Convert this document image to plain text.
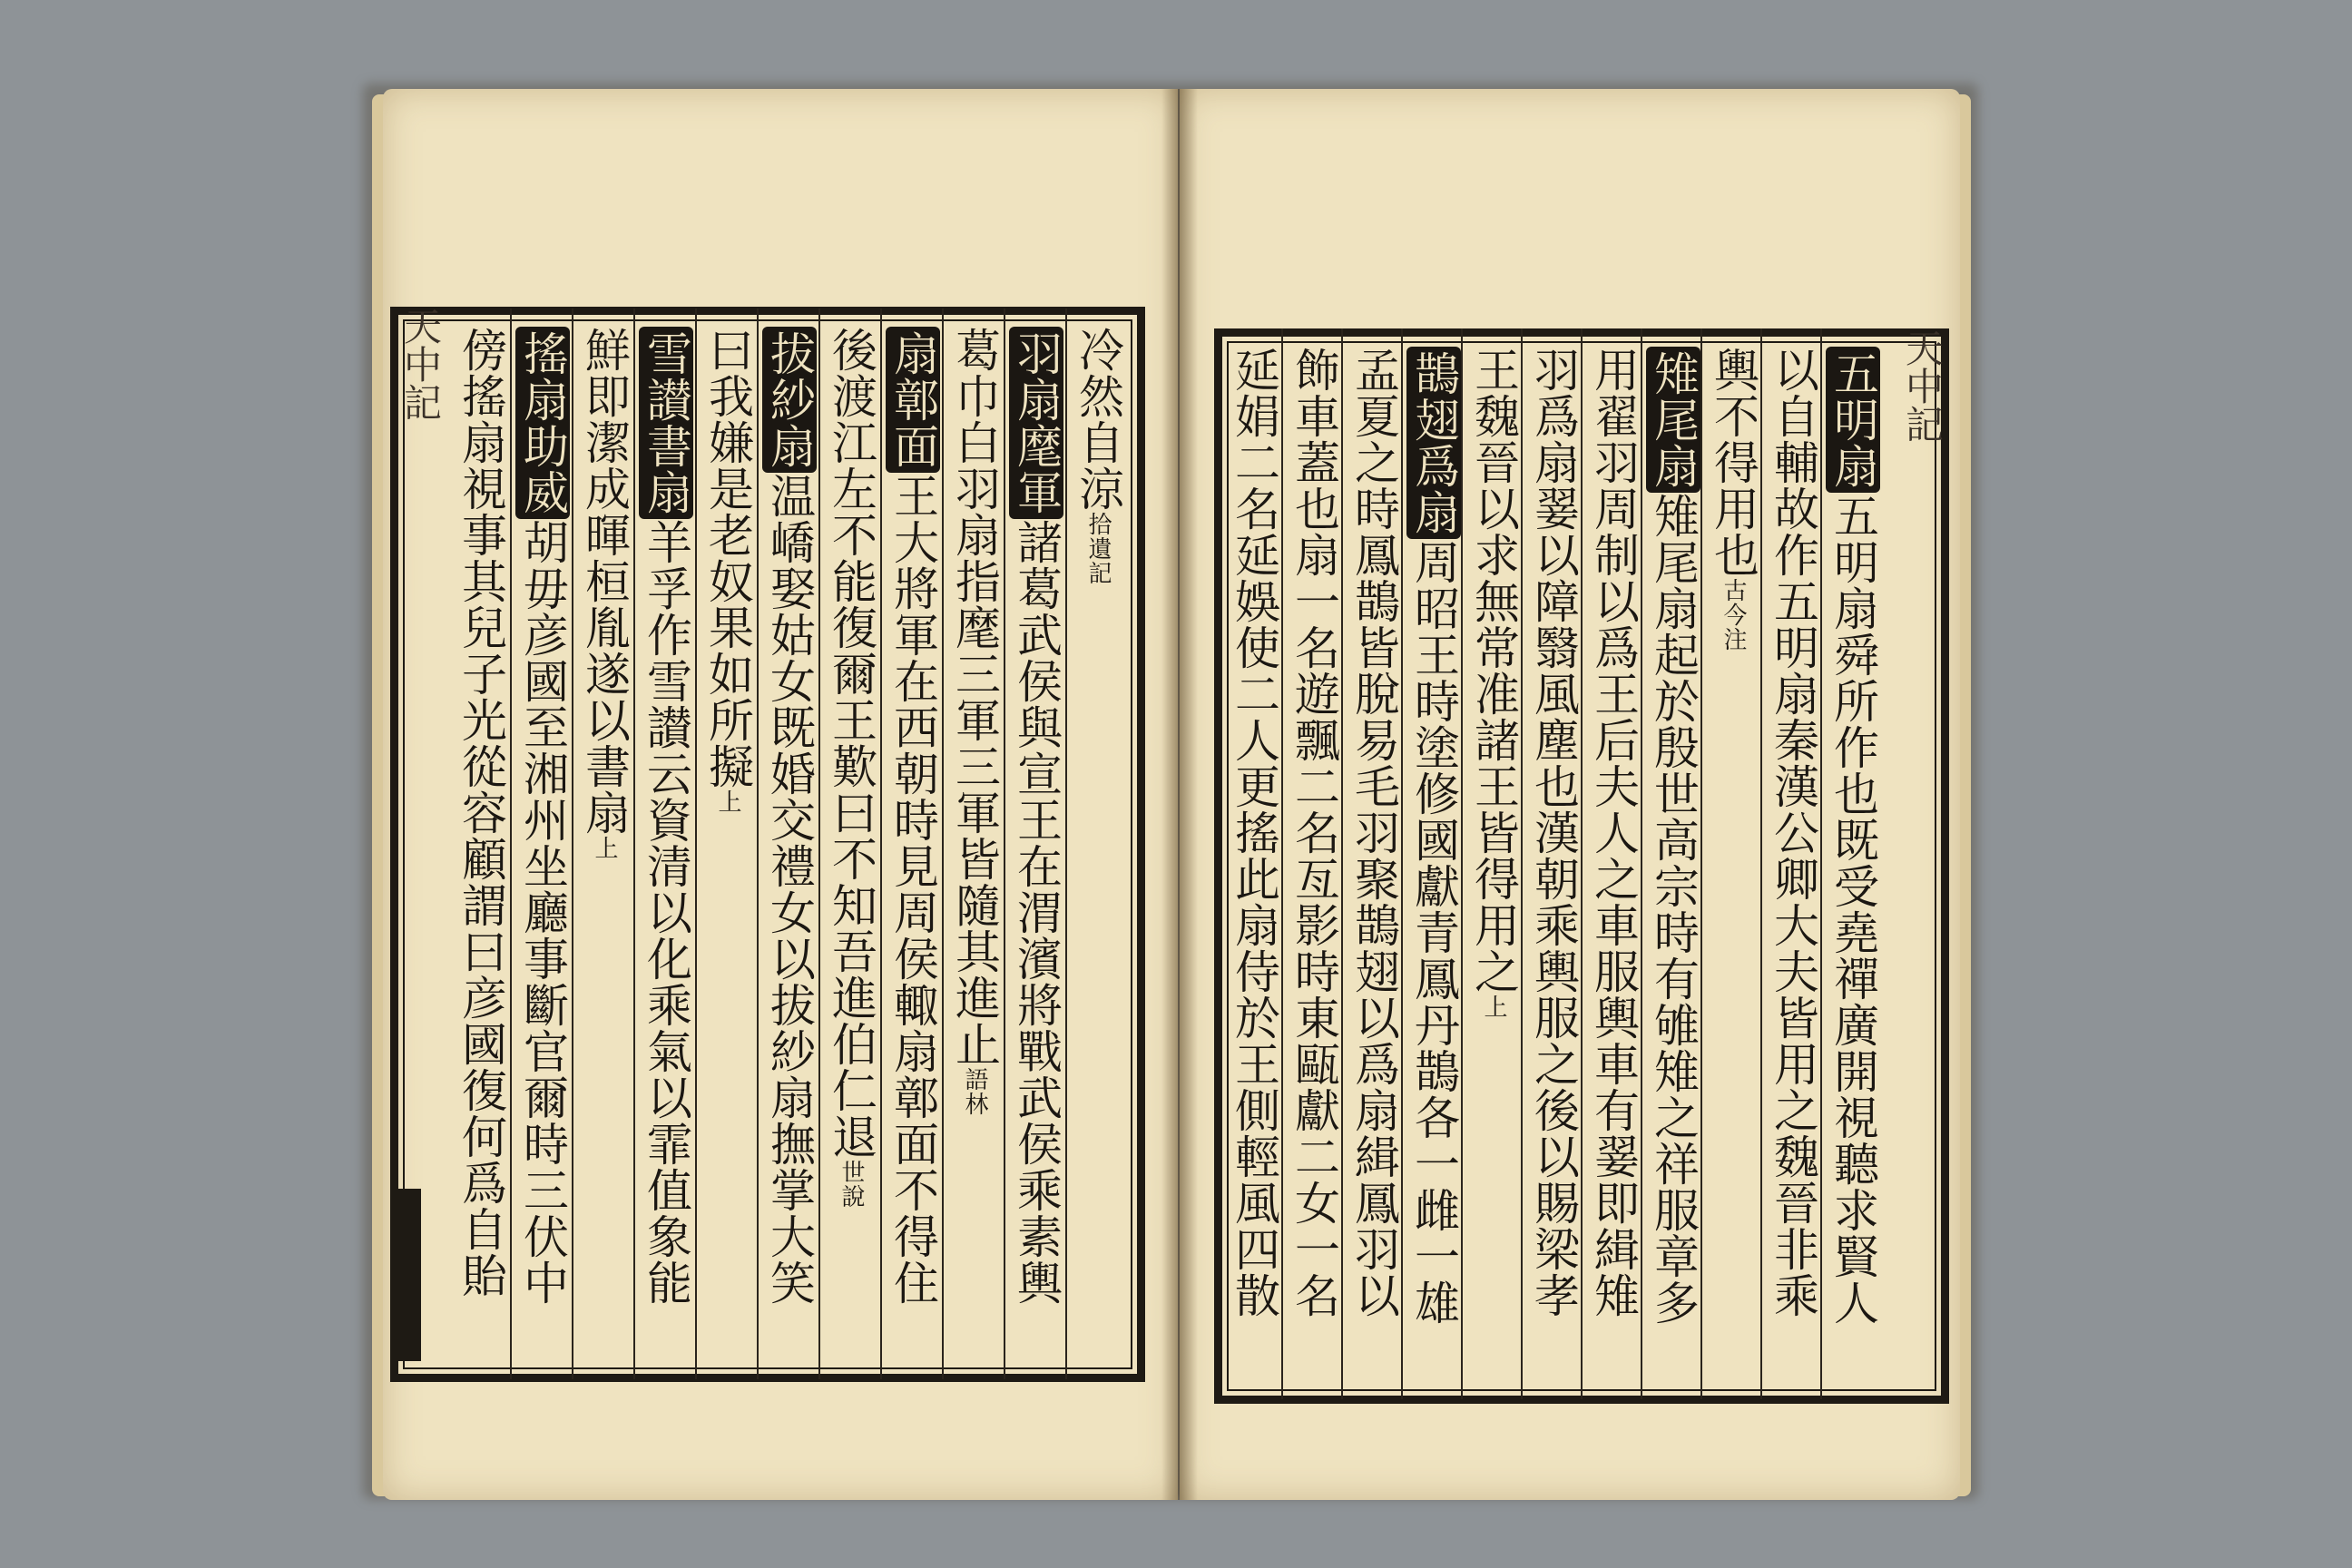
天中記	天中記
冷然自涼拾遺記
羽扇麾軍諸葛武侯與宣王在渭濱將戰武侯乘素輿
葛巾白羽扇指麾三軍三軍皆隨其進止語林
扇鄣面王大將軍在西朝時見周侯輙扇鄣面不得住
後渡江左不能復爾王歎曰不知吾進伯仁退世說
拔紗扇温嶠娶姑女既婚交禮女以拔紗扇撫掌大笑
曰我嫌是老奴果如所擬上
雪讃書扇羊孚作雪讃云資清以化乘氣以霏值象能
鮮即潔成暉桓胤遂以書扇上
搖扇助威胡毋彦國至湘州坐廳事斷官爾時三伏中
傍搖扇視事其兒子光從容顧謂曰彦國復何爲自貽	五明扇五明扇舜所作也既受堯禪廣開視聽求賢人
以自輔故作五明扇秦漢公卿大夫皆用之魏晉非乘
輿不得用也古今注
雉尾扇雉尾扇起於殷世高宗時有雊雉之祥服章多
用翟羽周制以爲王后夫人之車服輿車有翣即緝雉
羽爲扇翣以障翳風塵也漢朝乘輿服之後以賜梁孝
王魏晉以求無常准諸王皆得用之上
鵲翅爲扇周昭王時塗修國獻青鳳丹鵲各一雌一雄
孟夏之時鳳鵲皆脫易毛羽聚鵲翅以爲扇緝鳳羽以
飾車蓋也扇一名遊飄二名亙影時東甌獻二女一名
延娟二名延娛使二人更搖此扇侍於王側輕風四散
